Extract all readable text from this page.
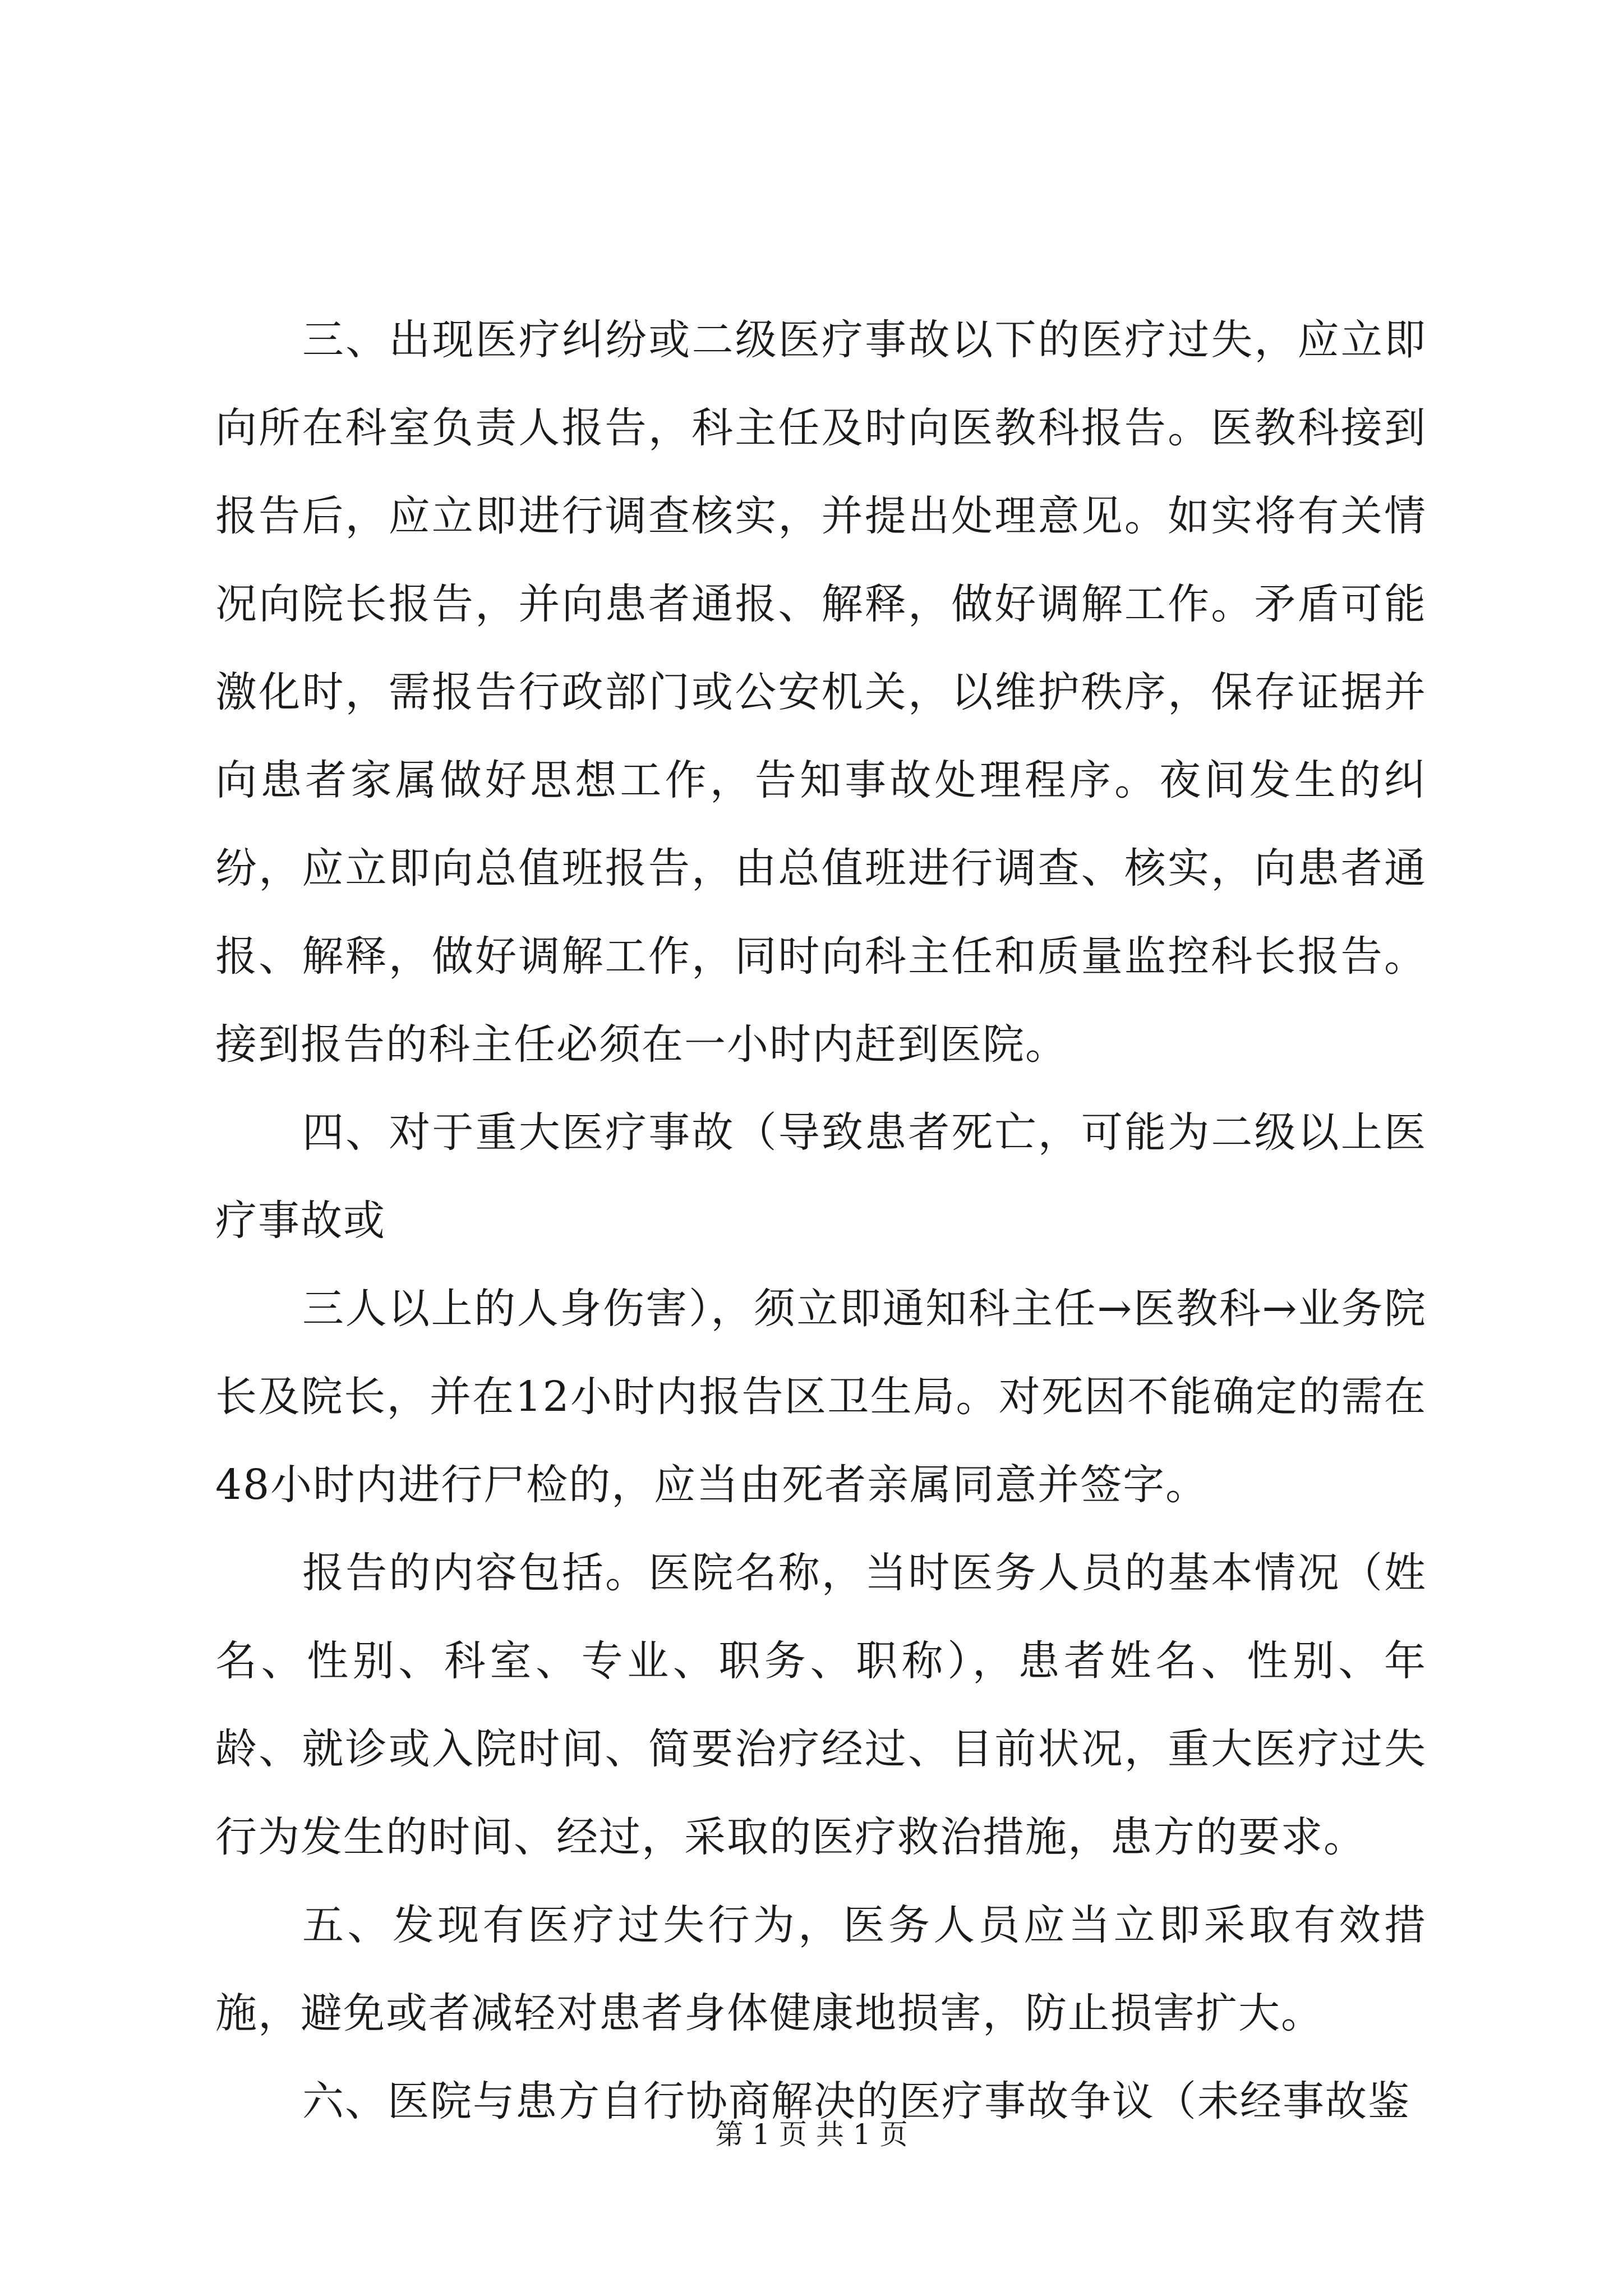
三、出现医疗纠纷或二级医疗事故以下的医疗过失，应立即向所在科室负责人报告，科主任及时向医教科报告。医教科接到报告后，应立即进行调查核实，并提出处理意见。如实将有关情况向院长报告，并向患者通报、解释，做好调解工作。矛盾可能激化时，需报告行政部门或公安机关，以维护秩序，保存证据并向患者家属做好思想工作，告知事故处理程序。夜间发生的纠纷，应立即向总值班报告，由总值班进行调查、核实，向患者通报、解释，做好调解工作，同时向科主任和质量监控科长报告。接到报告的科主任必须在一小时内赶到医院。

四、对于重大医疗事故（导致患者死亡，可能为二级以上医疗事故或

三人以上的人身伤害），须立即通知科主任→医教科→业务院长及院长，并在12小时内报告区卫生局。对死因不能确定的需在48小时内进行尸检的，应当由死者亲属同意并签字。

报告的内容包括。医院名称，当时医务人员的基本情况（姓名、性别、科室、专业、职务、职称），患者姓名、性别、年龄、就诊或入院时间、简要治疗经过、目前状况，重大医疗过失行为发生的时间、经过，采取的医疗救治措施，患方的要求。

五、发现有医疗过失行为，医务人员应当立即采取有效措施，避免或者减轻对患者身体健康地损害，防止损害扩大。

六、医院与患方自行协商解决的医疗事故争议（未经事故鉴

第 1 页 共 1 页
